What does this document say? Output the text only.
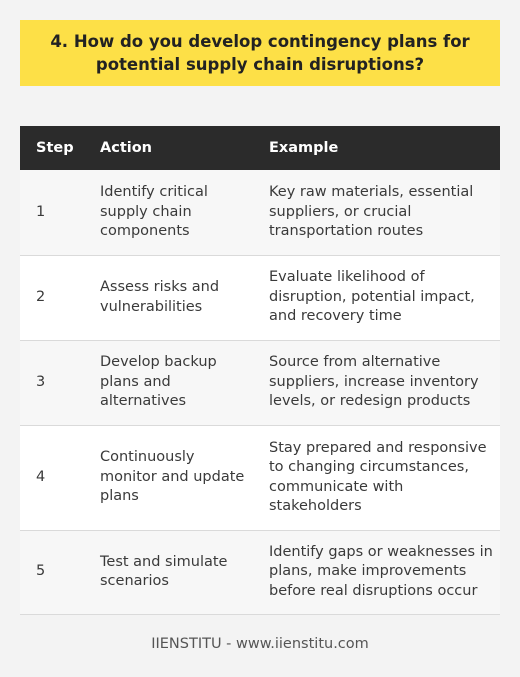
4. How do you develop contingency plans for potential supply chain disruptions?
Step	Action	Example
1	Identify critical supply chain components	Key raw materials, essential suppliers, or crucial transportation routes
2	Assess risks and vulnerabilities	Evaluate likelihood of disruption, potential impact, and recovery time
3	Develop backup plans and alternatives	Source from alternative suppliers, increase inventory levels, or redesign products
4	Continuously monitor and update plans	Stay prepared and responsive to changing circumstances, communicate with stakeholders
5	Test and simulate scenarios	Identify gaps or weaknesses in plans, make improvements before real disruptions occur
IIENSTITU - www.iienstitu.com
